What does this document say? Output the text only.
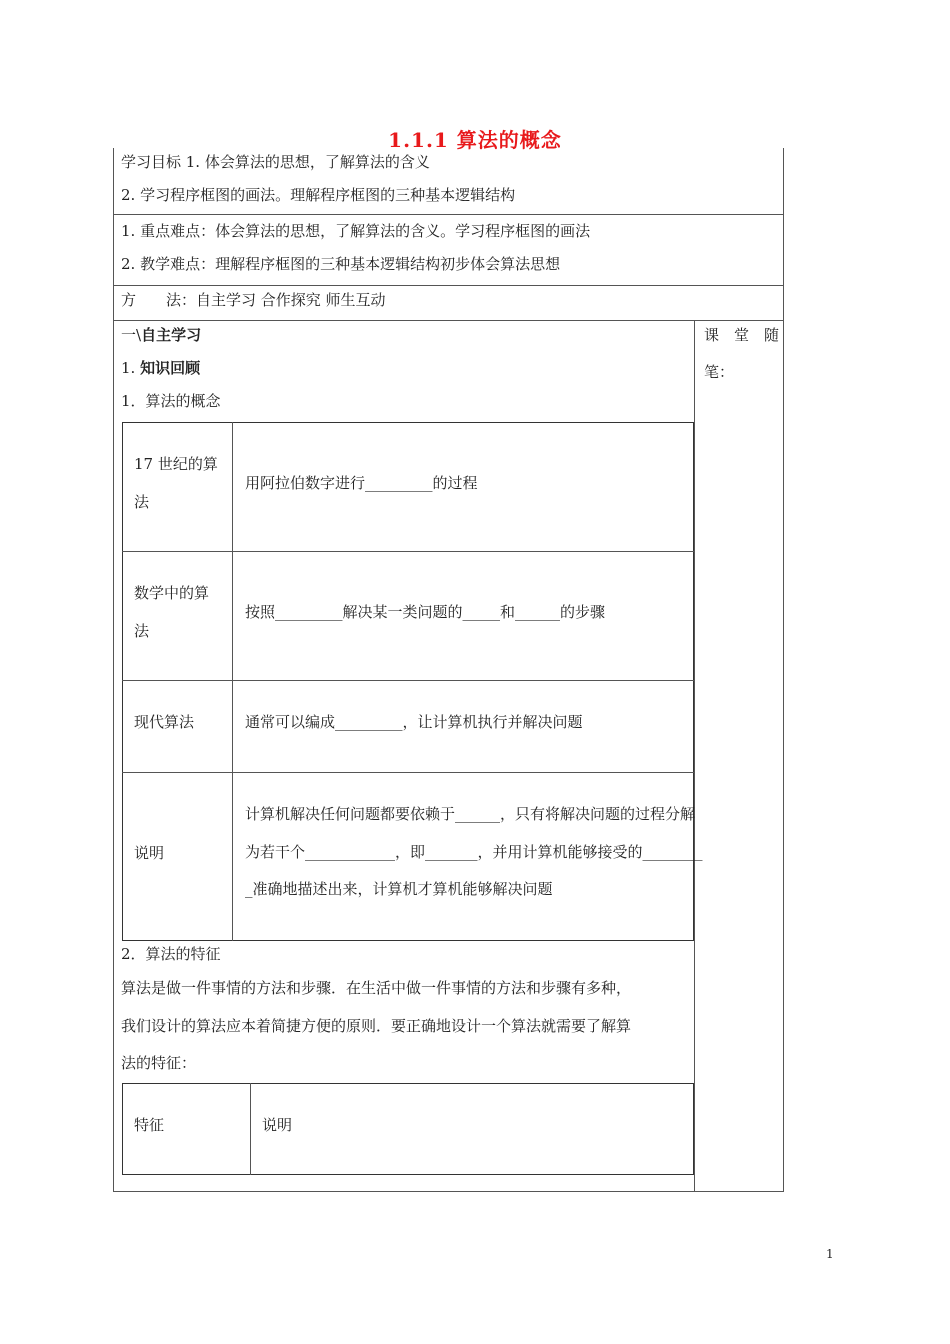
1.1.1 算法的概念
学习目标 1. 体会算法的思想，了解算法的含义
2. 学习程序框图的画法。理解程序框图的三种基本逻辑结构
1. 重点难点：体会算法的思想，了解算法的含义。学习程序框图的画法
2. 教学难点：理解程序框图的三种基本逻辑结构初步体会算法思想
方　　法：自主学习 合作探究 师生互动
课　堂　随
笔：
一\自主学习
1. 知识回顾
1．算法的概念
17 世纪的算
法
用阿拉伯数字进行_________的过程
数学中的算
法
按照_________解决某一类问题的_____和______的步骤
现代算法	通常可以编成_________，让计算机执行并解决问题
说明
计算机解决任何问题都要依赖于______，只有将解决问题的过程分解
为若干个____________，即_______，并用计算机能够接受的________
_准确地描述出来，计算机才算机能够解决问题
2．算法的特征
算法是做一件事情的方法和步骤．在生活中做一件事情的方法和步骤有多种，
我们设计的算法应本着简捷方便的原则．要正确地设计一个算法就需要了解算
法的特征：
特征	说明
1
